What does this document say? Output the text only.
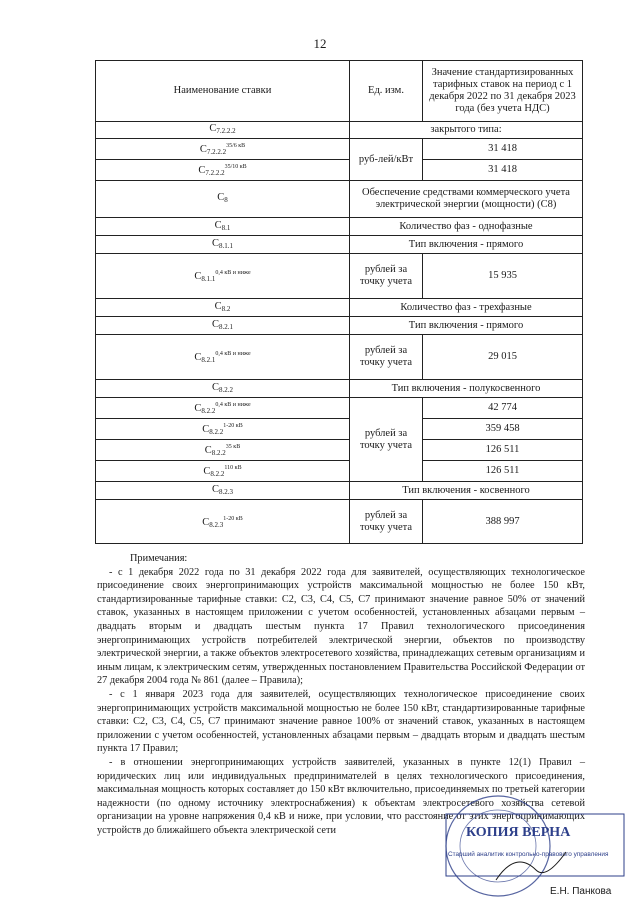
12
Наименование ставки	Ед. изм.	Значение стандартизированных тарифных ставок на период с 1 декабря 2022 по 31 декабря 2023 года (без учета НДС)
$C_{7.2.2.2}$	закрытого типа:	
$C_{7.2.2.2}^{35/6 кВ}$	руб-лей/кВт	31 418
$C_{7.2.2.2}^{35/10 кВ}$		31 418
$C_8$	Обеспечение средствами коммерческого учета электрической энергии (мощности) (C8)	
$C_{8.1}$	Количество фаз - однофазные	
$C_{8.1.1}$	Тип включения - прямого	
$C_{8.1.1}^{0,4 кВ и ниже}$	рублей за точку учета	15 935
$C_{8.2}$	Количество фаз - трехфазные	
$C_{8.2.1}$	Тип включения - прямого	
$C_{8.2.1}^{0,4 кВ и ниже}$	рублей за точку учета	29 015
$C_{8.2.2}$	Тип включения - полукосвенного	
$C_{8.2.2}^{0,4 кВ и ниже}$	рублей за точку учета	42 774
$C_{8.2.2}^{1-20 кВ}$		359 458
$C_{8.2.2}^{35 кВ}$		126 511
$C_{8.2.2}^{110 кВ}$		126 511
$C_{8.2.3}$	Тип включения - косвенного	
$C_{8.2.3}^{1-20 кВ}$	рублей за точку учета	388 997

Примечания:

- с 1 декабря 2022 года по 31 декабря 2022 года для заявителей, осуществляющих технологическое присоединение своих энергопринимающих устройств максимальной мощностью не более 150 кВт, стандартизированные тарифные ставки: C2, C3, C4, C5, C7 принимают значение равное 50% от значений ставок, указанных в настоящем приложении с учетом особенностей, установленных абзацами первым – двадцать вторым и двадцать шестым пункта 17 Правил технологического присоединения энергопринимающих устройств потребителей электрической энергии, объектов по производству электрической энергии, а также объектов электросетевого хозяйства, принадлежащих сетевым организациям и иным лицам, к электрическим сетям, утвержденных постановлением Правительства Российской Федерации от 27 декабря 2004 года № 861 (далее – Правила);

- с 1 января 2023 года для заявителей, осуществляющих технологическое присоединение своих энергопринимающих устройств максимальной мощностью не более 150 кВт, стандартизированные тарифные ставки: C2, C3, C4, C5, C7 принимают значение равное 100% от значений ставок, указанных в настоящем приложении с учетом особенностей, установленных абзацами первым – двадцать вторым и двадцать шестым пункта 17 Правил;

- в отношении энергопринимающих устройств заявителей, указанных в пункте 12(1) Правил – юридических лиц или индивидуальных предпринимателей в целях технологического присоединения, максимальная мощность которых составляет до 150 кВт включительно, присоединяемых по третьей категории надежности (по одному источнику электроснабжения) к объектам электросетевого хозяйства сетевой организации на уровне напряжения 0,4 кВ и ниже, при условии, что расстояние от этих энергопринимающих устройств до ближайшего объекта электрической сети	КОПИЯ ВЕРНА
Старший аналитик контрольно-правового управления
Е.Н. Панкова
